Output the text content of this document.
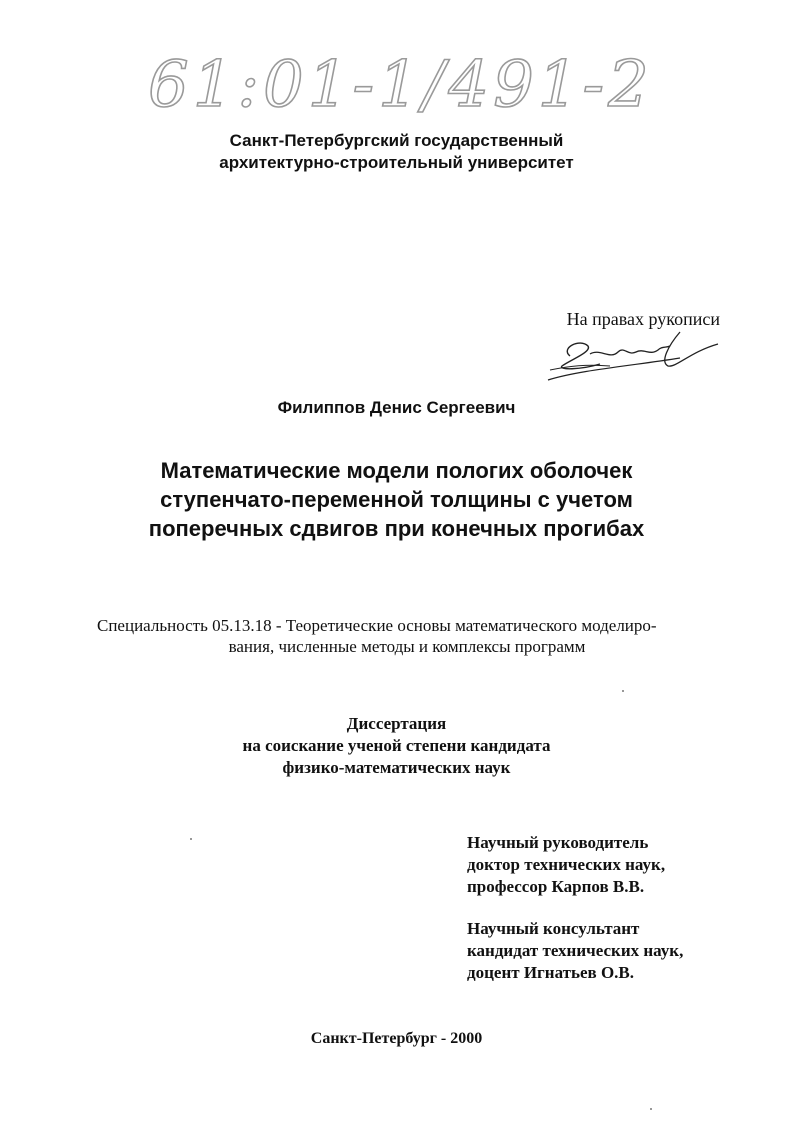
61:01-1/491-2
Санкт-Петербургский государственный
архитектурно-строительный университет
На правах рукописи
Филиппов Денис Сергеевич
Математические модели пологих оболочек
ступенчато-переменной толщины с учетом
поперечных сдвигов при конечных прогибах
Специальность 05.13.18 - Теоретические основы математического моделиро-
вания, численные методы и комплексы программ
Диссертация
на соискание ученой степени кандидата
физико-математических наук
Научный руководитель
доктор технических наук,
профессор Карпов В.В.
Научный консультант
кандидат технических наук,
доцент Игнатьев О.В.
Санкт-Петербург - 2000
